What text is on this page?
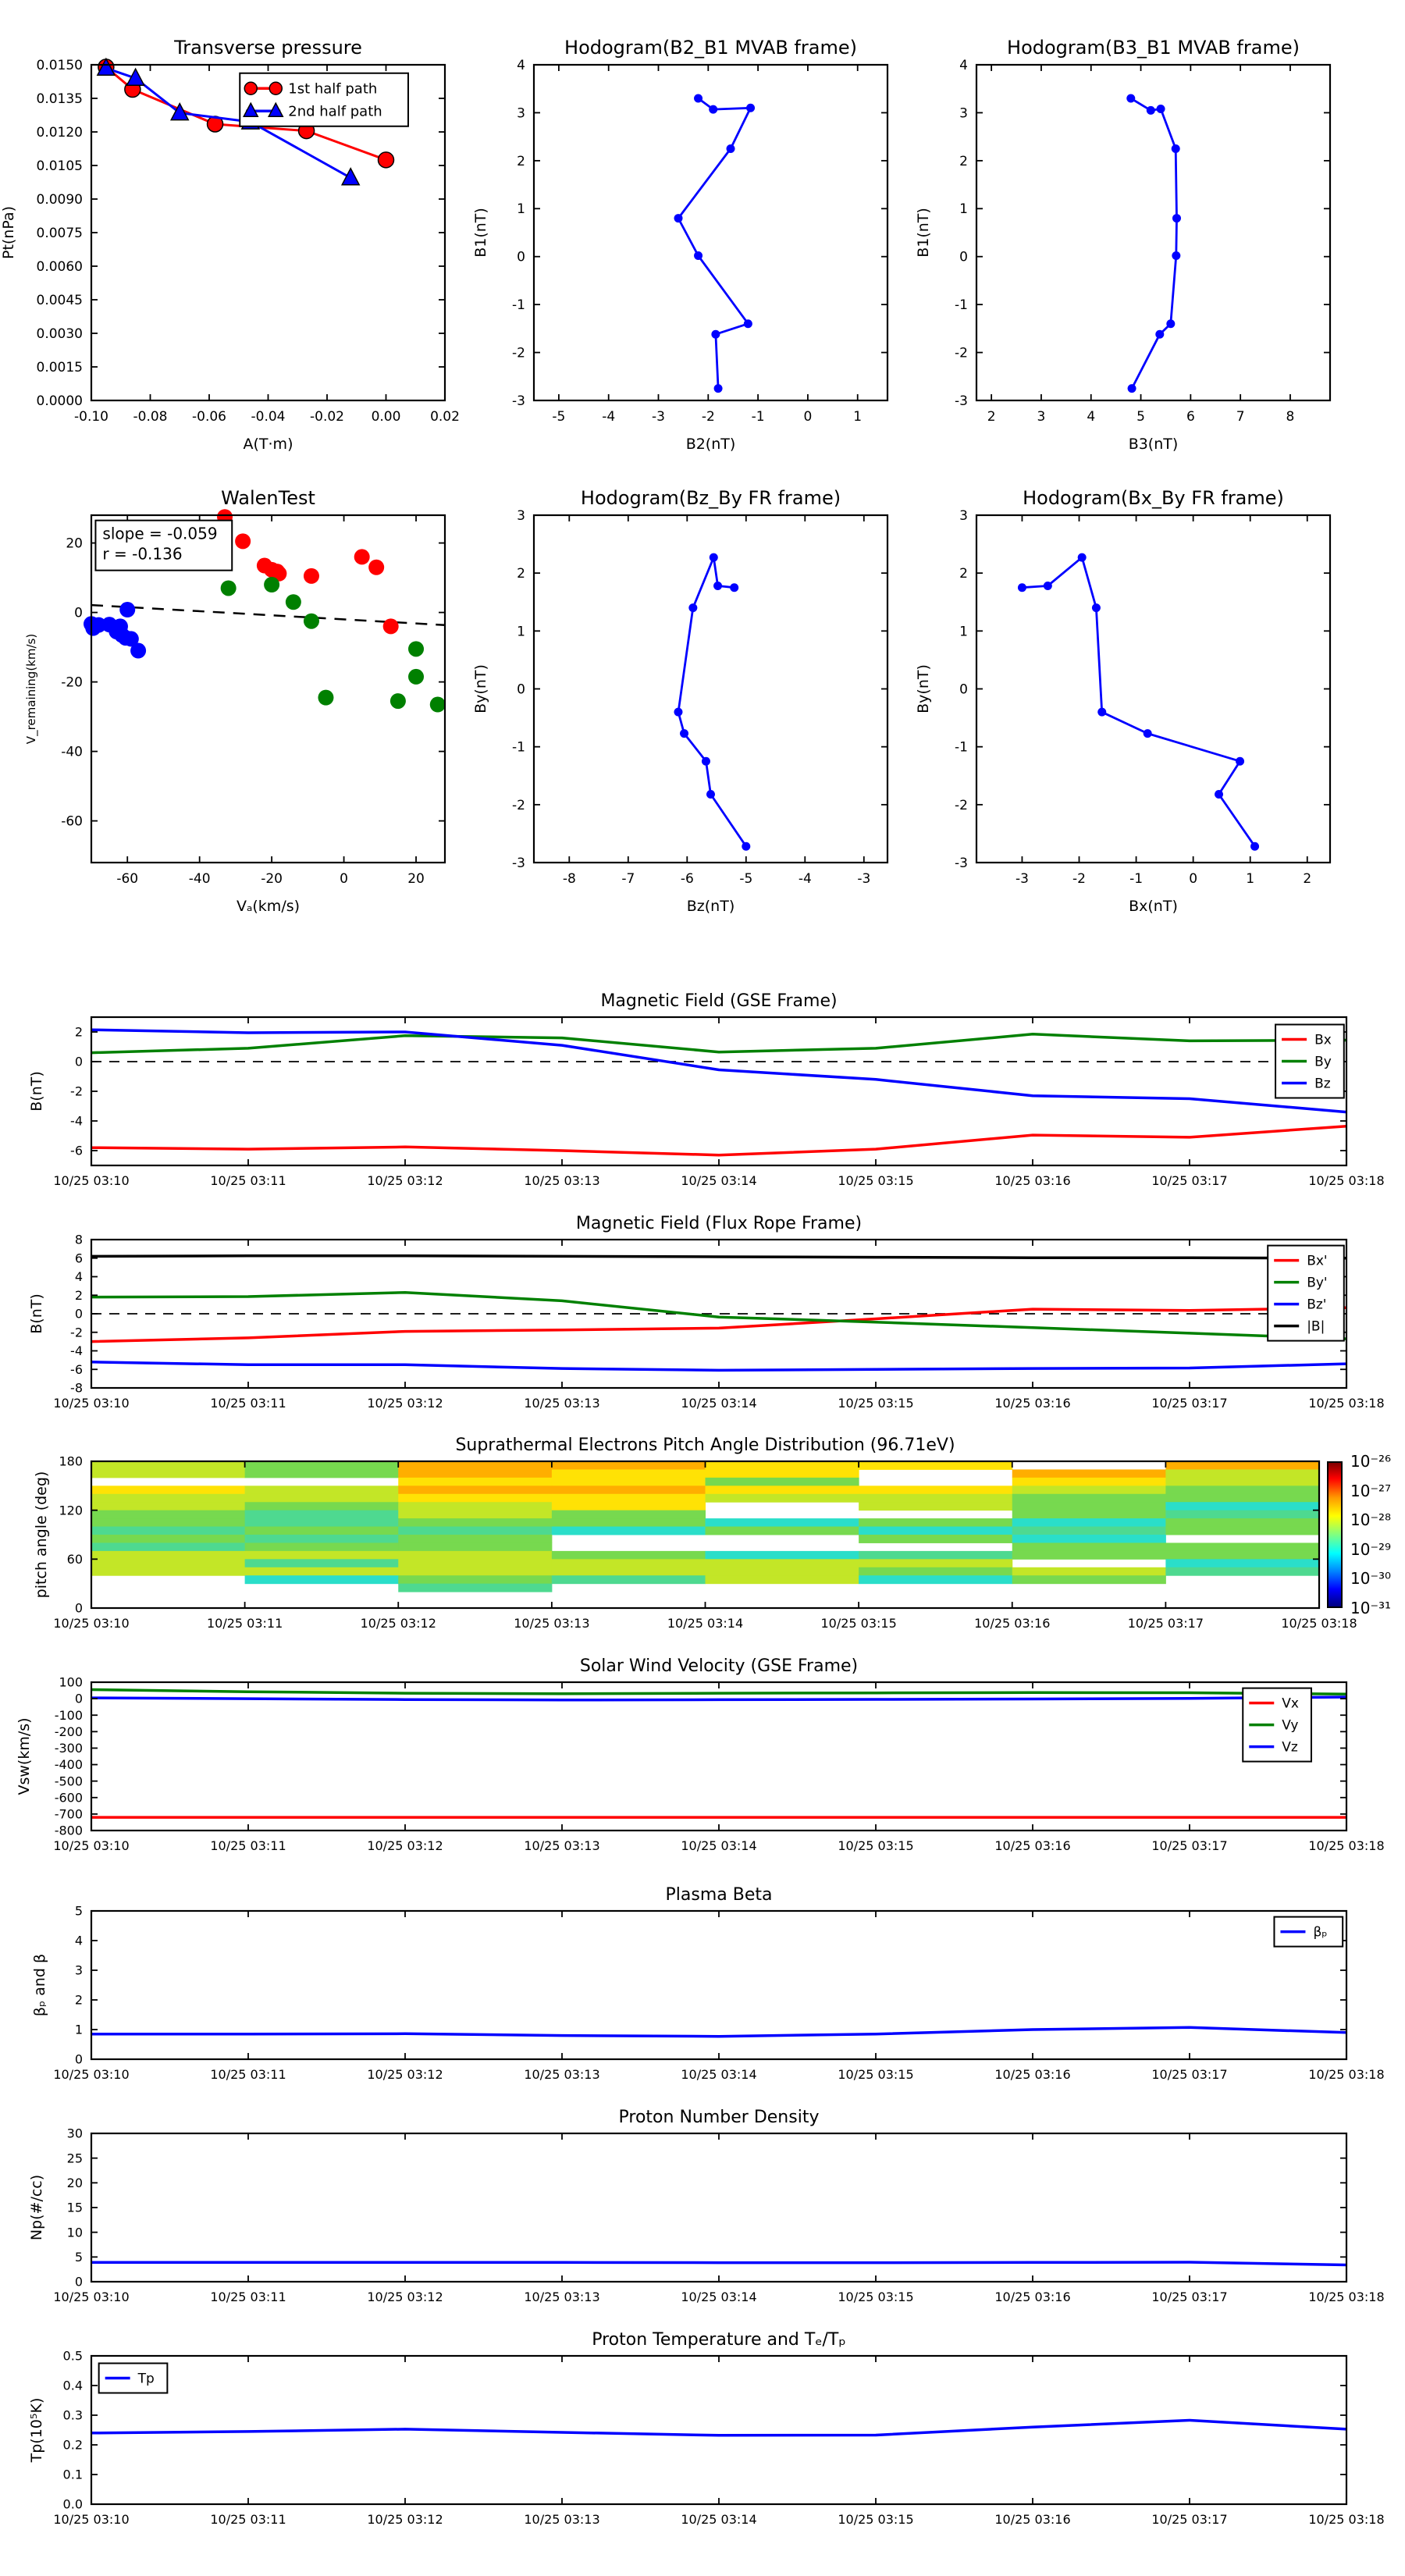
-0.10 -0.08 -0.06 -0.04 -0.02 0.00 0.02
0.0000
0.0015
0.0030
0.0045
0.0060
0.0075
0.0090
0.0105
0.0120
0.0135
0.0150
Transverse pressure
A(T·m)
Pt(nPa)
1st half path
2nd half path
-5	-4	-3	-2	-1	0	1
-3
-2
-1
0
1
2
3
4
Hodogram(B2_B1 MVAB frame)
B2(nT)
B1(nT)
2	3	4	5	6	7	8
-3
-2
-1
0
1
2
3
4
Hodogram(B3_B1 MVAB frame)
B3(nT)
B1(nT)
-60	-40	-20	0	20
20
0
-20
-40
-60
WalenTest
Vₐ(km/s)
V_remaining(km/s)
slope = -0.059
r = -0.136
-8	-7	-6	-5	-4	-3
-3
-2
-1
0
1
2
3
Hodogram(Bz_By FR frame)
Bz(nT)
By(nT)
-3	-2	-1	0	1	2
-3
-2
-1
0
1
2
3
Hodogram(Bx_By FR frame)
Bx(nT)
By(nT)
10/25 03:10	10/25 03:11	10/25 03:12	10/25 03:13	10/25 03:14	10/25 03:15	10/25 03:16	10/25 03:17	10/25 03:18
2
0
-2
-4
-6
Magnetic Field (GSE Frame)
B(nT)
Bx
By
Bz
10/25 03:10	10/25 03:11	10/25 03:12	10/25 03:13	10/25 03:14	10/25 03:15	10/25 03:16	10/25 03:17	10/25 03:18
-8
-6
-4
-2
0
2
4
6
8
Magnetic Field (Flux Rope Frame)
B(nT)
Bx'
By'
Bz'
|B|
10/25 03:10	10/25 03:11	10/25 03:12	10/25 03:13	10/25 03:14	10/25 03:15	10/25 03:16	10/25 03:17	10/25 03:18
0
60
120
180
Suprathermal Electrons Pitch Angle Distribution (96.71eV)
pitch angle (deg)
10⁻²⁶
10⁻²⁷
10⁻²⁸
10⁻²⁹
10⁻³⁰
10⁻³¹
10/25 03:10	10/25 03:11	10/25 03:12	10/25 03:13	10/25 03:14	10/25 03:15	10/25 03:16	10/25 03:17	10/25 03:18
100
0
-100
-200
-300
-400
-500
-600
-700
-800
Solar Wind Velocity (GSE Frame)
Vsw(km/s)
Vx
Vy
Vz
10/25 03:10	10/25 03:11	10/25 03:12	10/25 03:13	10/25 03:14	10/25 03:15	10/25 03:16	10/25 03:17	10/25 03:18
0
1
2
3
4
5
Plasma Beta
βₚ and β
βₚ
10/25 03:10	10/25 03:11	10/25 03:12	10/25 03:13	10/25 03:14	10/25 03:15	10/25 03:16	10/25 03:17	10/25 03:18
0
5
10
15
20
25
30
Proton Number Density
Np(#/cc)
10/25 03:10	10/25 03:11	10/25 03:12	10/25 03:13	10/25 03:14	10/25 03:15	10/25 03:16	10/25 03:17	10/25 03:18
0.0
0.1
0.2
0.3
0.4
0.5
Proton Temperature and Tₑ/Tₚ
Tp(10⁵K)
Tp
